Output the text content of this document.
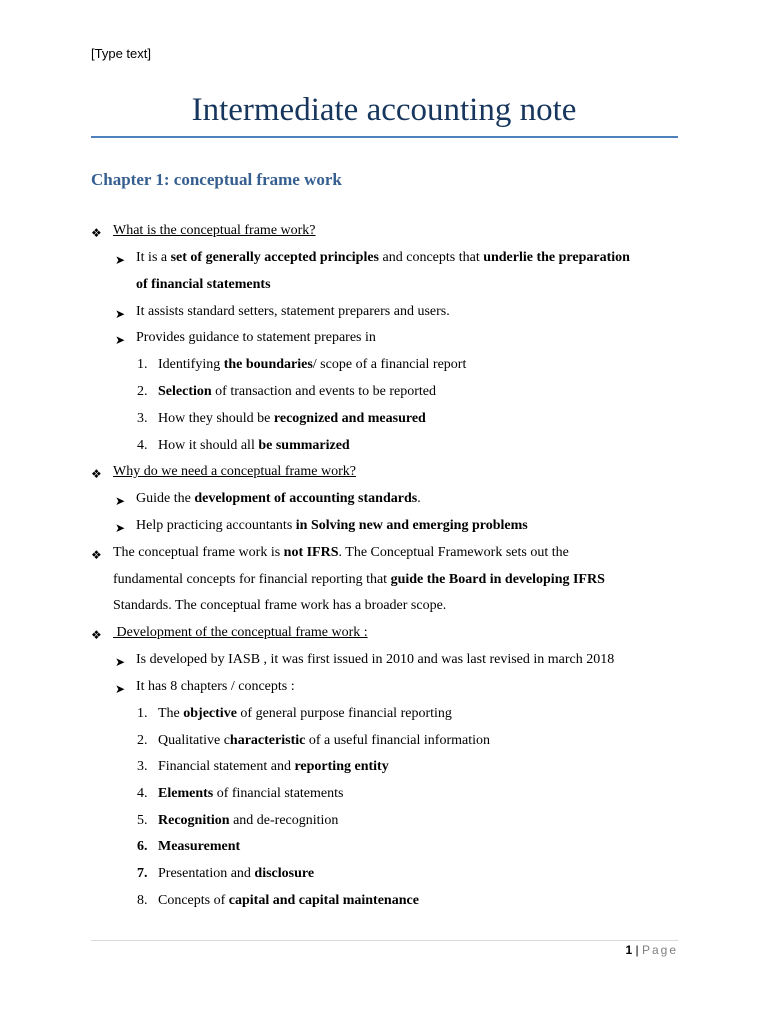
[Type text]
Intermediate accounting note
Chapter 1: conceptual frame work
❖ What is the conceptual frame work?
➤ It is a set of generally accepted principles and concepts that underlie the preparation
of financial statements
➤ It assists standard setters, statement preparers and users.
➤ Provides guidance to statement prepares in
1. Identifying the boundaries/ scope of a financial report
2. Selection of transaction and events to be reported
3. How they should be recognized and measured
4. How it should all be summarized
❖ Why do we need a conceptual frame work?
➤ Guide the development of accounting standards.
➤ Help practicing accountants in Solving new and emerging problems
❖ The conceptual frame work is not IFRS. The Conceptual Framework sets out the
fundamental concepts for financial reporting that guide the Board in developing IFRS
Standards. The conceptual frame work has a broader scope.
❖ Development of the conceptual frame work :
➤ Is developed by IASB , it was first issued in 2010 and was last revised in march 2018
➤ It has 8 chapters / concepts :
1. The objective of general purpose financial reporting
2. Qualitative characteristic of a useful financial information
3. Financial statement and reporting entity
4. Elements of financial statements
5. Recognition and de-recognition
6. Measurement
7. Presentation and disclosure
8. Concepts of capital and capital maintenance
1 | Page
